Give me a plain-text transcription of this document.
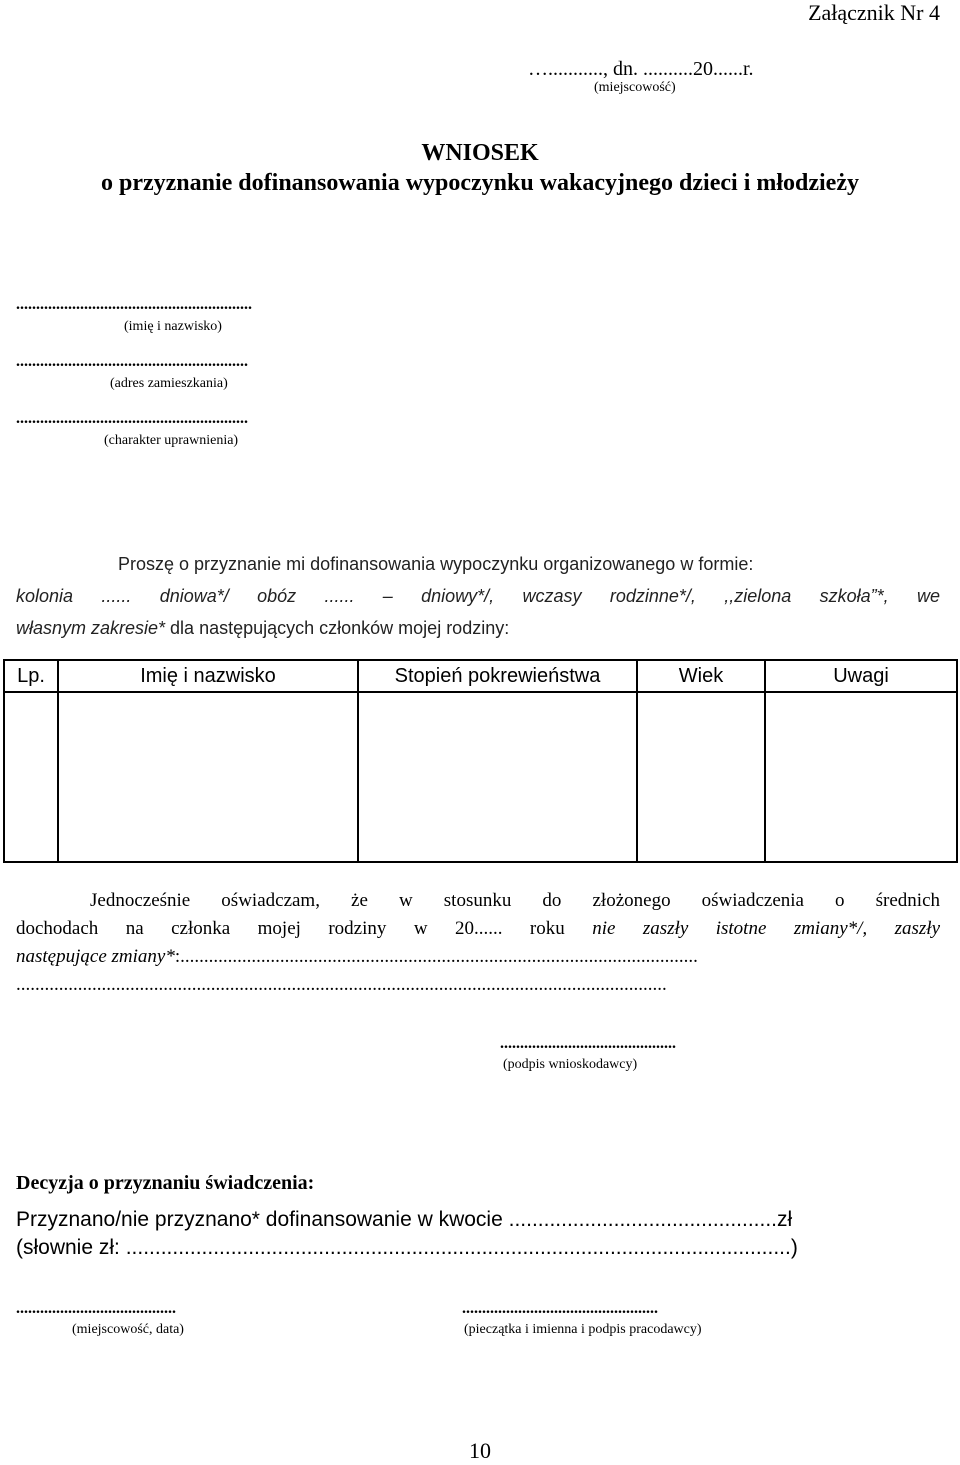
Załącznik Nr 4
…..........., dn. ..........20......r.
(miejscowość)
WNIOSEK
o przyznanie dofinansowania wypoczynku wakacyjnego dzieci i młodzieży
...........................................................
(imię i nazwisko)
..........................................................
(adres zamieszkania)
..........................................................
(charakter uprawnienia)
Proszę o przyznanie mi dofinansowania wypoczynku organizowanego w formie:
kolonia ...... dniowa*/ obóz ...... – dniowy*/, wczasy rodzinne*/, ,,zielona szkoła”*, we
własnym zakresie* dla następujących członków mojej rodziny:
Lp.	Imię i nazwisko	Stopień pokrewieństwa	Wiek	Uwagi

Jednocześnie oświadczam, że w stosunku do złożonego oświadczenia o średnich
dochodach na członka mojej rodziny w 20...... roku nie zaszły istotne zmiany*/, zaszły
następujące zmiany*:.............................................................................................................
.........................................................................................................................................
............................................
(podpis wnioskodawcy)
Decyzja o przyznaniu świadczenia:
Przyznano/nie przyznano* dofinansowanie w kwocie ..............................................zł
(słownie zł: ..................................................................................................................)
........................................
(miejscowość, data)
.................................................
(pieczątka i imienna i podpis pracodawcy)
10
